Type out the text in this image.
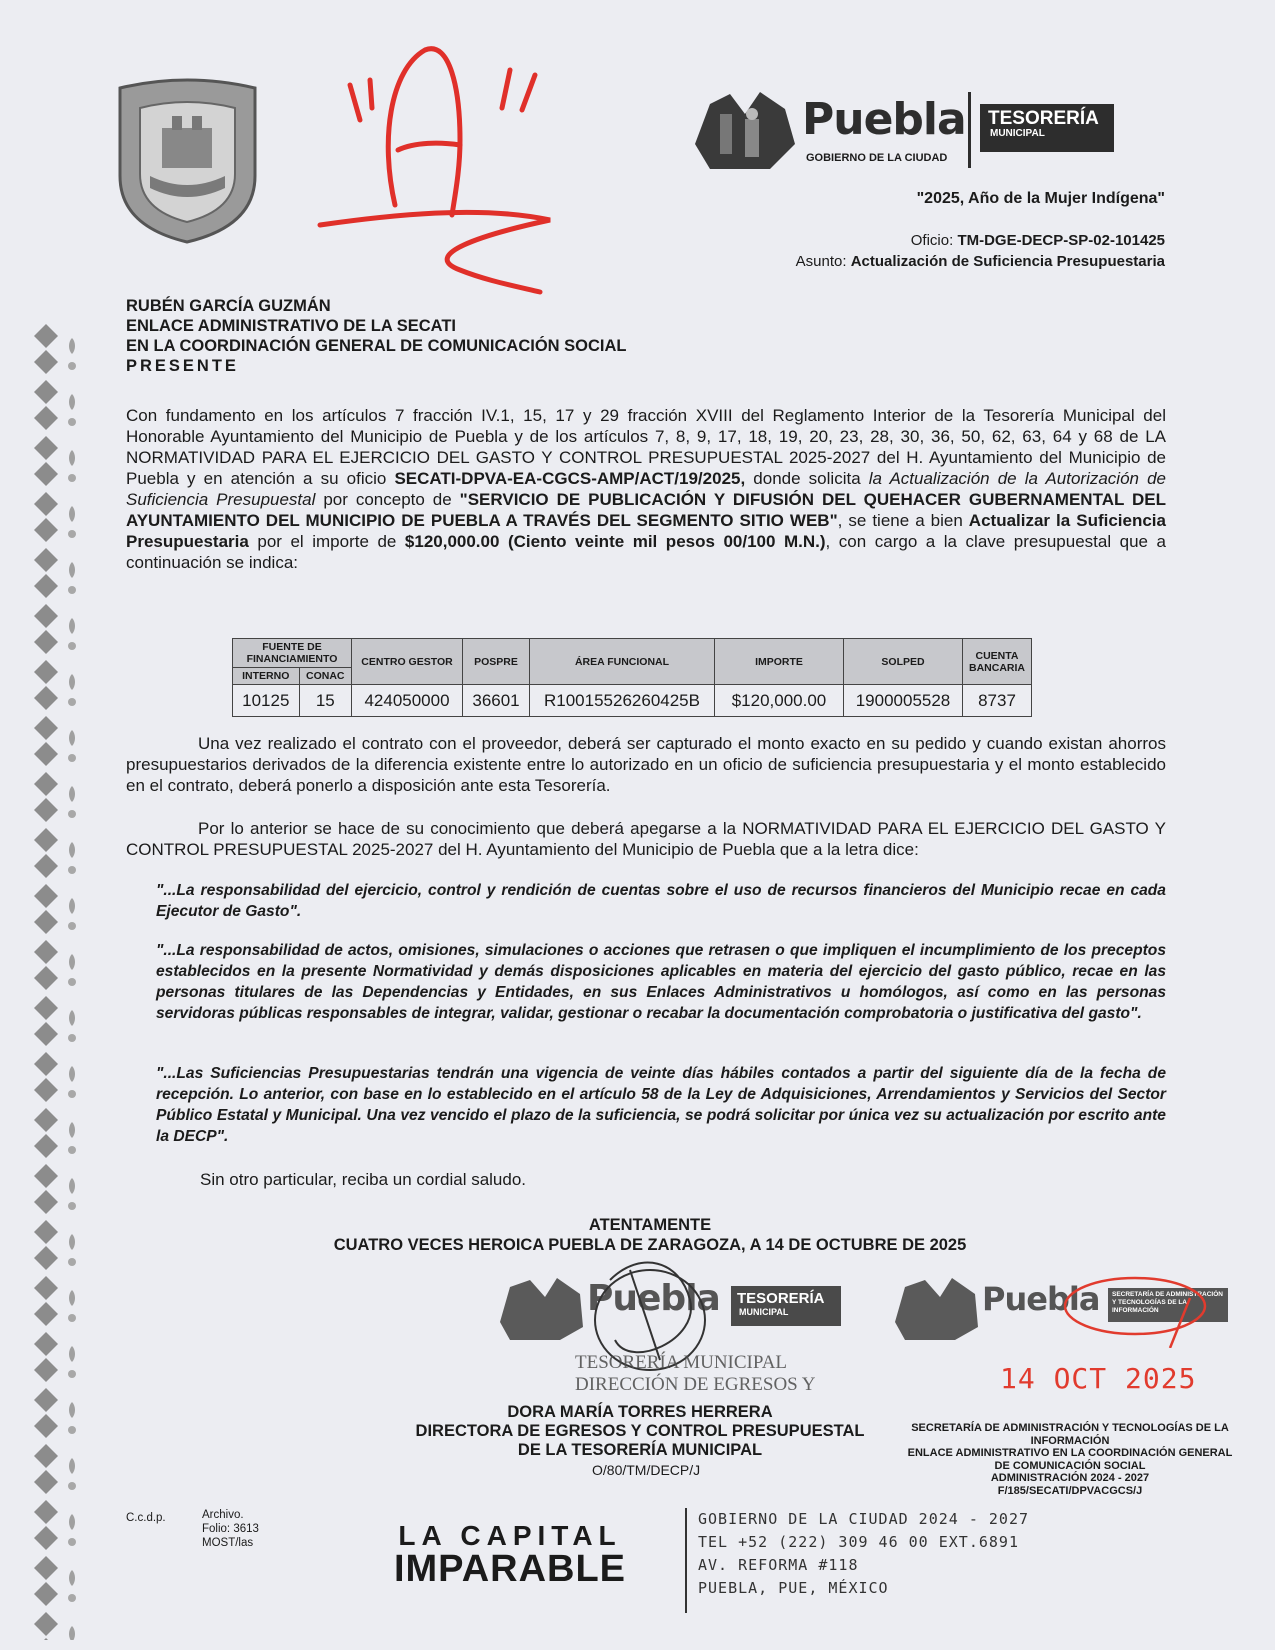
Puebla
GOBIERNO DE LA CIUDAD
TESORERÍA
MUNICIPAL
"2025, Año de la Mujer Indígena"
Oficio: TM-DGE-DECP-SP-02-101425
Asunto: Actualización de Suficiencia Presupuestaria
RUBÉN GARCÍA GUZMÁN
ENLACE ADMINISTRATIVO DE LA SECATI
EN LA COORDINACIÓN GENERAL DE COMUNICACIÓN SOCIAL
PRESENTE
Con fundamento en los artículos 7 fracción IV.1, 15, 17 y 29 fracción XVIII del Reglamento Interior de la Tesorería Municipal del Honorable Ayuntamiento del Municipio de Puebla y de los artículos 7, 8, 9, 17, 18, 19, 20, 23, 28, 30, 36, 50, 62, 63, 64 y 68 de LA NORMATIVIDAD PARA EL EJERCICIO DEL GASTO Y CONTROL PRESUPUESTAL 2025-2027 del H. Ayuntamiento del Municipio de Puebla y en atención a su oficio SECATI-DPVA-EA-CGCS-AMP/ACT/19/2025, donde solicita la Actualización de la Autorización de Suficiencia Presupuestal por concepto de "SERVICIO DE PUBLICACIÓN Y DIFUSIÓN DEL QUEHACER GUBERNAMENTAL DEL AYUNTAMIENTO DEL MUNICIPIO DE PUEBLA A TRAVÉS DEL SEGMENTO SITIO WEB", se tiene a bien Actualizar la Suficiencia Presupuestaria por el importe de $120,000.00 (Ciento veinte mil pesos 00/100 M.N.), con cargo a la clave presupuestal que a continuación se indica:
FUENTE DE FINANCIAMIENTO		CENTRO GESTOR	POSPRE	ÁREA FUNCIONAL	IMPORTE	SOLPED	CUENTA BANCARIA
INTERNO	CONAC						
10125	15	424050000	36601	R10015526260425B	$120,000.00	1900005528	8737
Una vez realizado el contrato con el proveedor, deberá ser capturado el monto exacto en su pedido y cuando existan ahorros presupuestarios derivados de la diferencia existente entre lo autorizado en un oficio de suficiencia presupuestaria y el monto establecido en el contrato, deberá ponerlo a disposición ante esta Tesorería.
Por lo anterior se hace de su conocimiento que deberá apegarse a la NORMATIVIDAD PARA EL EJERCICIO DEL GASTO Y CONTROL PRESUPUESTAL 2025-2027 del H. Ayuntamiento del Municipio de Puebla que a la letra dice:
"...La responsabilidad del ejercicio, control y rendición de cuentas sobre el uso de recursos financieros del Municipio recae en cada Ejecutor de Gasto".
"...La responsabilidad de actos, omisiones, simulaciones o acciones que retrasen o que impliquen el incumplimiento de los preceptos establecidos en la presente Normatividad y demás disposiciones aplicables en materia del ejercicio del gasto público, recae en las personas titulares de las Dependencias y Entidades, en sus Enlaces Administrativos u homólogos, así como en las personas servidoras públicas responsables de integrar, validar, gestionar o recabar la documentación comprobatoria o justificativa del gasto".
"...Las Suficiencias Presupuestarias tendrán una vigencia de veinte días hábiles contados a partir del siguiente día de la fecha de recepción. Lo anterior, con base en lo establecido en el artículo 58 de la Ley de Adquisiciones, Arrendamientos y Servicios del Sector Público Estatal y Municipal. Una vez vencido el plazo de la suficiencia, se podrá solicitar por única vez su actualización por escrito ante la DECP".
Sin otro particular, reciba un cordial saludo.
ATENTAMENTE
CUATRO VECES HEROICA PUEBLA DE ZARAGOZA, A 14 DE OCTUBRE DE 2025
Puebla	TESORERÍA
MUNICIPAL
TESORERÍA MUNICIPAL
DIRECCIÓN DE EGRESOS Y
DORA MARÍA TORRES HERRERA
DIRECTORA DE EGRESOS Y CONTROL PRESUPUESTAL
DE LA TESORERÍA MUNICIPAL
O/80/TM/DECP/J
Puebla	SECRETARÍA DE ADMINISTRACIÓN Y TECNOLOGÍAS DE LA INFORMACIÓN
14 OCT 2025
SECRETARÍA DE ADMINISTRACIÓN Y TECNOLOGÍAS DE LA INFORMACIÓN
ENLACE ADMINISTRATIVO EN LA COORDINACIÓN GENERAL DE COMUNICACIÓN SOCIAL
ADMINISTRACIÓN 2024 - 2027
F/185/SECATI/DPVACGCS/J
C.c.d.p.	Archivo.
Folio: 3613
MOST/las	LA CAPITAL
IMPARABLE
GOBIERNO DE LA CIUDAD 2024 - 2027
TEL +52 (222) 309 46 00 EXT.6891
AV. REFORMA #118
PUEBLA, PUE, MÉXICO
